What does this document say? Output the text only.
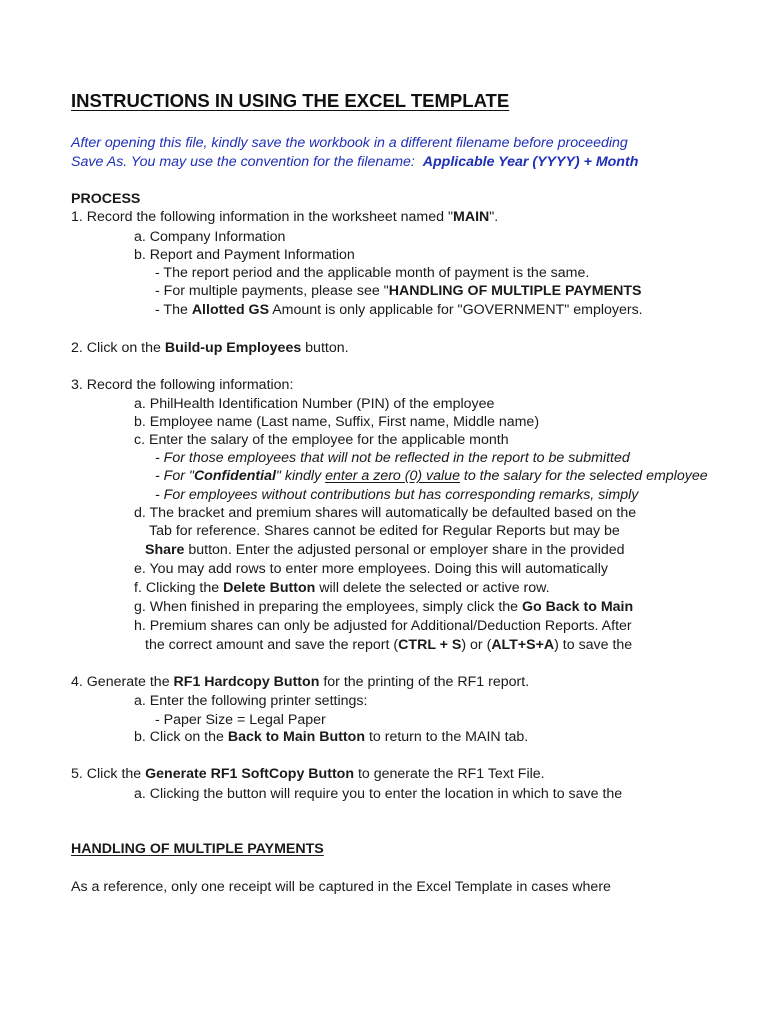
INSTRUCTIONS IN USING THE EXCEL TEMPLATE
After opening this file, kindly save the workbook in a different filename before proceeding
Save As. You may use the convention for the filename: Applicable Year (YYYY) + Month
PROCESS
1. Record the following information in the worksheet named "MAIN".
a. Company Information
b. Report and Payment Information
- The report period and the applicable month of payment is the same.
- For multiple payments, please see "HANDLING OF MULTIPLE PAYMENTS
- The Allotted GS Amount is only applicable for "GOVERNMENT" employers.
2. Click on the Build-up Employees button.
3. Record the following information:
a. PhilHealth Identification Number (PIN) of the employee
b. Employee name (Last name, Suffix, First name, Middle name)
c. Enter the salary of the employee for the applicable month
- For those employees that will not be reflected in the report to be submitted
- For "Confidential" kindly enter a zero (0) value to the salary for the selected employee
- For employees without contributions but has corresponding remarks, simply
d. The bracket and premium shares will automatically be defaulted based on the
Tab for reference. Shares cannot be edited for Regular Reports but may be
Share button. Enter the adjusted personal or employer share in the provided
e. You may add rows to enter more employees. Doing this will automatically
f. Clicking the Delete Button will delete the selected or active row.
g. When finished in preparing the employees, simply click the Go Back to Main
h. Premium shares can only be adjusted for Additional/Deduction Reports. After
the correct amount and save the report (CTRL + S) or (ALT+S+A) to save the
4. Generate the RF1 Hardcopy Button for the printing of the RF1 report.
a. Enter the following printer settings:
- Paper Size = Legal Paper
b. Click on the Back to Main Button to return to the MAIN tab.
5. Click the Generate RF1 SoftCopy Button to generate the RF1 Text File.
a. Clicking the button will require you to enter the location in which to save the
HANDLING OF MULTIPLE PAYMENTS
As a reference, only one receipt will be captured in the Excel Template in cases where
